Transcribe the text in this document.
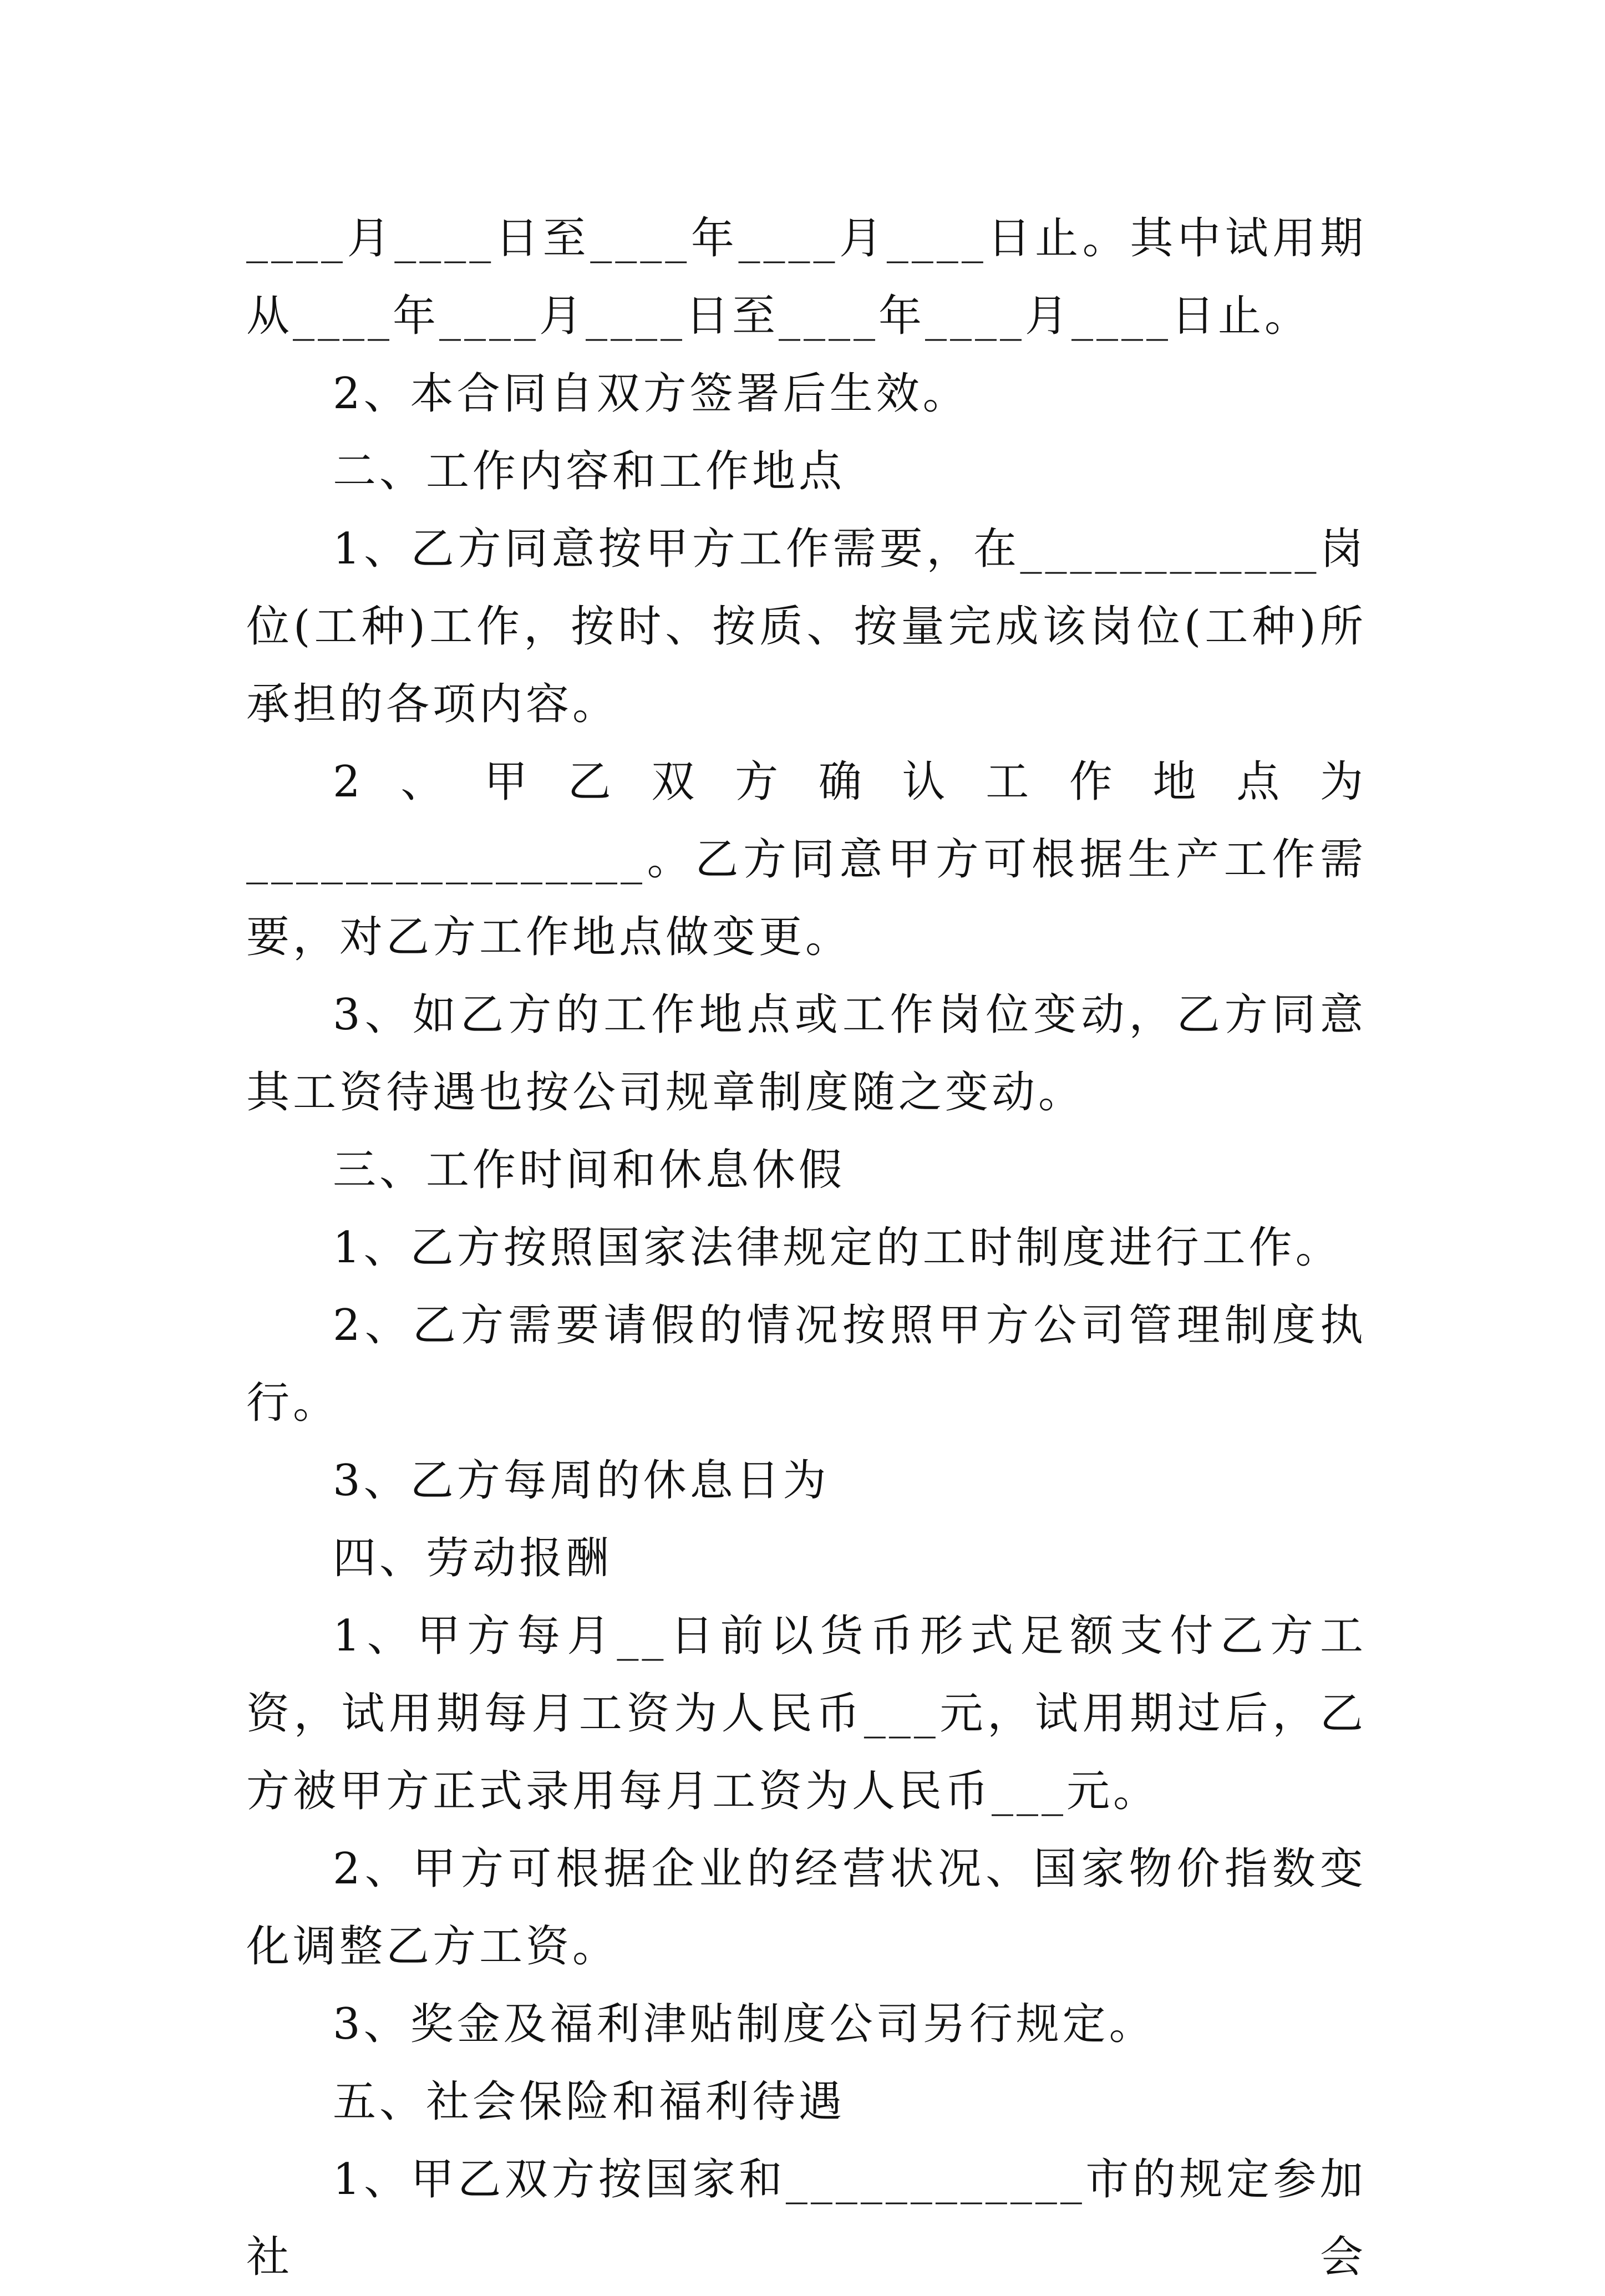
____月____日至____年____月____日止。其中试用期从____年____月____日至____年____月____日止。

2、本合同自双方签署后生效。

二、工作内容和工作地点

1、乙方同意按甲方工作需要，在____________岗位(工种)工作，按时、按质、按量完成该岗位(工种)所承担的各项内容。

2、甲乙双方确认工作地点为________________。乙方同意甲方可根据生产工作需要，对乙方工作地点做变更。

3、如乙方的工作地点或工作岗位变动，乙方同意其工资待遇也按公司规章制度随之变动。

三、工作时间和休息休假

1、乙方按照国家法律规定的工时制度进行工作。

2、乙方需要请假的情况按照甲方公司管理制度执行。

3、乙方每周的休息日为

四、劳动报酬

1、甲方每月__日前以货币形式足额支付乙方工资，试用期每月工资为人民币___元，试用期过后，乙方被甲方正式录用每月工资为人民币___元。

2、甲方可根据企业的经营状况、国家物价指数变化调整乙方工资。

3、奖金及福利津贴制度公司另行规定。

五、社会保险和福利待遇

1、甲乙双方按国家和____________市的规定参加社会
